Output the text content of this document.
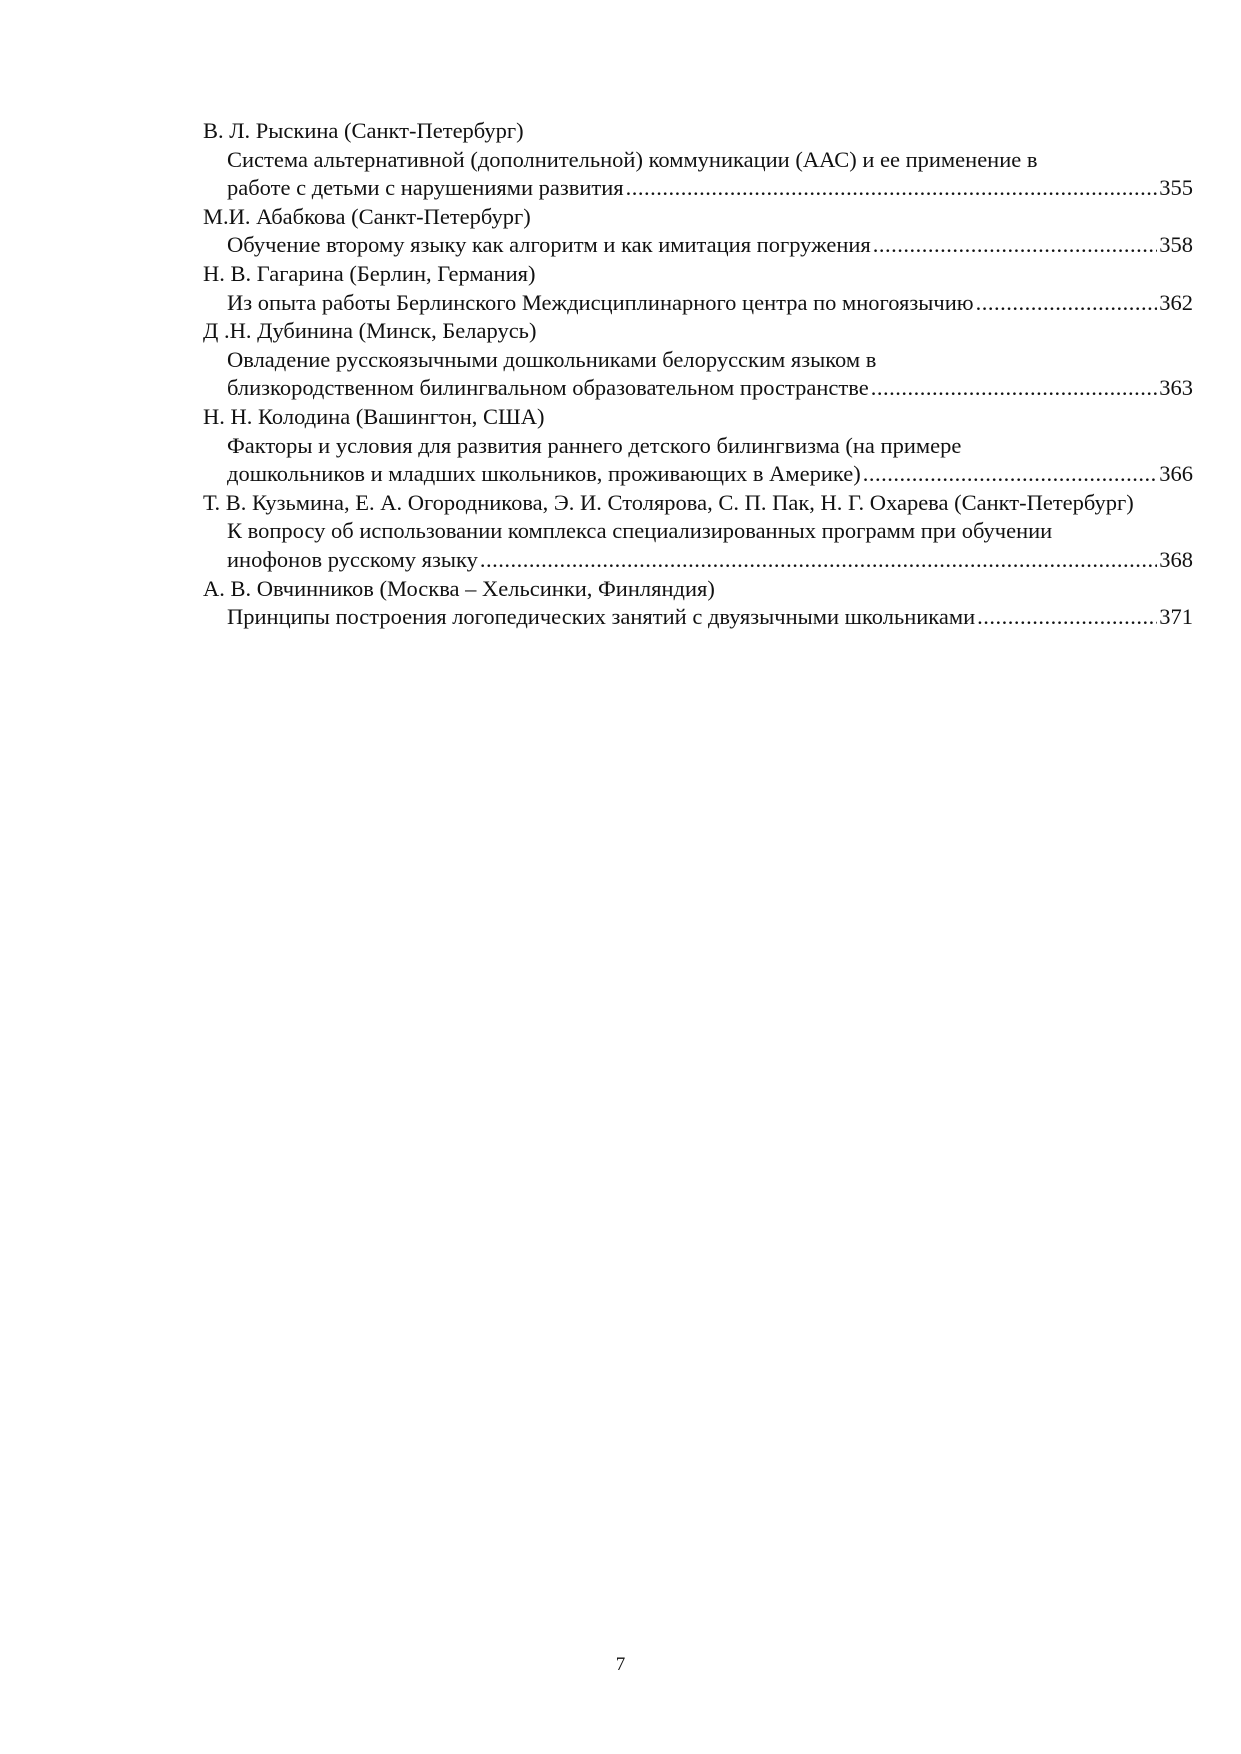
В. Л. Рыскина (Санкт-Петербург)
Система альтернативной (дополнительной) коммуникации (ААС) и ее применение в
работе с детьми с нарушениями развития .....	355
М.И. Абабкова (Санкт-Петербург)
Обучение второму языку как алгоритм и как имитация погружения .....	358
Н. В. Гагарина (Берлин, Германия)
Из опыта работы Берлинского Междисциплинарного центра по многоязычию .....	362
Д .Н. Дубинина (Минск, Беларусь)
Овладение русскоязычными дошкольниками белорусским языком в
близкородственном билингвальном образовательном пространстве .....	363
Н. Н. Колодина (Вашингтон, США)
Факторы и условия для развития раннего детского билингвизма (на примере
дошкольников и младших школьников, проживающих в Америке) .....	366
Т. В. Кузьмина, Е. А. Огородникова, Э. И. Столярова, С. П. Пак, Н. Г. Охарева (Санкт-Петербург)
К вопросу об использовании комплекса специализированных программ при обучении
инофонов русскому языку .....	368
А. В. Овчинников (Москва – Хельсинки, Финляндия)
Принципы построения логопедических занятий с двуязычными школьниками .....	371
7
